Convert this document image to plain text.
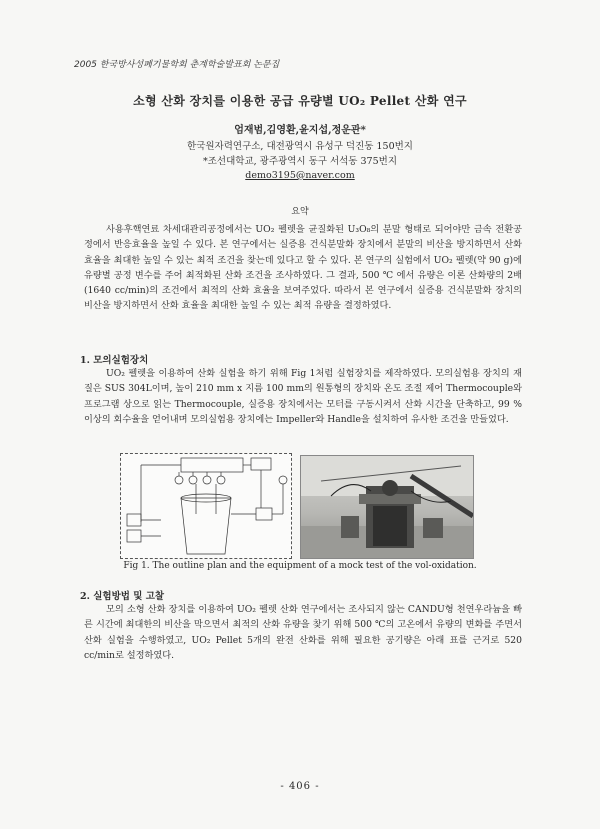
2005 한국방사성폐기물학회 춘계학술발표회 논문집
소형 산화 장치를 이용한 공급 유량별 UO₂ Pellet 산화 연구
엄재범,김영환,윤지섭,정운관*
한국원자력연구소, 대전광역시 유성구 덕진동 150번지
*조선대학교, 광주광역시 동구 서석동 375번지
demo3195@naver.com
요약
사용후핵연료 차세대관리공정에서는 UO₂ 펠렛을 균질화된 U₃O₈의 분말 형태로 되어야만 금속 전환공정에서 반응효율을 높일 수 있다. 본 연구에서는 실증용 건식분말화 장치에서 분말의 비산을 방지하면서 산화 효율을 최대한 높일 수 있는 최적 조건을 찾는데 있다고 할 수 있다. 본 연구의 실험에서 UO₂ 펠렛(약 90 g)에 유량별 공정 변수를 주어 최적화된 산화 조건을 조사하였다. 그 결과, 500 ℃ 에서 유량은 이론 산화량의 2배(1640 cc/min)의 조건에서 최적의 산화 효율을 보여주었다. 따라서 본 연구에서 실증용 건식분말화 장치의 비산을 방지하면서 산화 효율을 최대한 높일 수 있는 최적 유량을 결정하였다.
1. 모의실험장치
UO₂ 펠렛을 이용하여 산화 실험을 하기 위해 Fig 1처럼 실험장치를 제작하였다. 모의실험용 장치의 재질은 SUS 304L이며, 높이 210 mm x 지름 100 mm의 원통형의 장치와 온도 조절 제어 Thermocouple와 프로그램 상으로 읽는 Thermocouple, 실증용 장치에서는 모터를 구동시켜서 산화 시간을 단축하고, 99 %이상의 회수율을 얻어내며 모의실험용 장치에는 Impeller와 Handle을 설치하여 유사한 조건을 만들었다.
Fig 1. The outline plan and the equipment of a mock test of the vol-oxidation.
2. 실험방법 및 고찰
모의 소형 산화 장치를 이용하여 UO₂ 펠렛 산화 연구에서는 조사되지 않는 CANDU형 천연우라늄을 빠른 시간에 최대한의 비산을 막으면서 최적의 산화 유량을 찾기 위해 500 ℃의 고온에서 유량의 변화를 주면서 산화 실험을 수행하였고, UO₂ Pellet 5개의 완전 산화를 위해 필요한 공기량은 아래 표를 근거로 520 cc/min로 설정하였다.
- 406 -
